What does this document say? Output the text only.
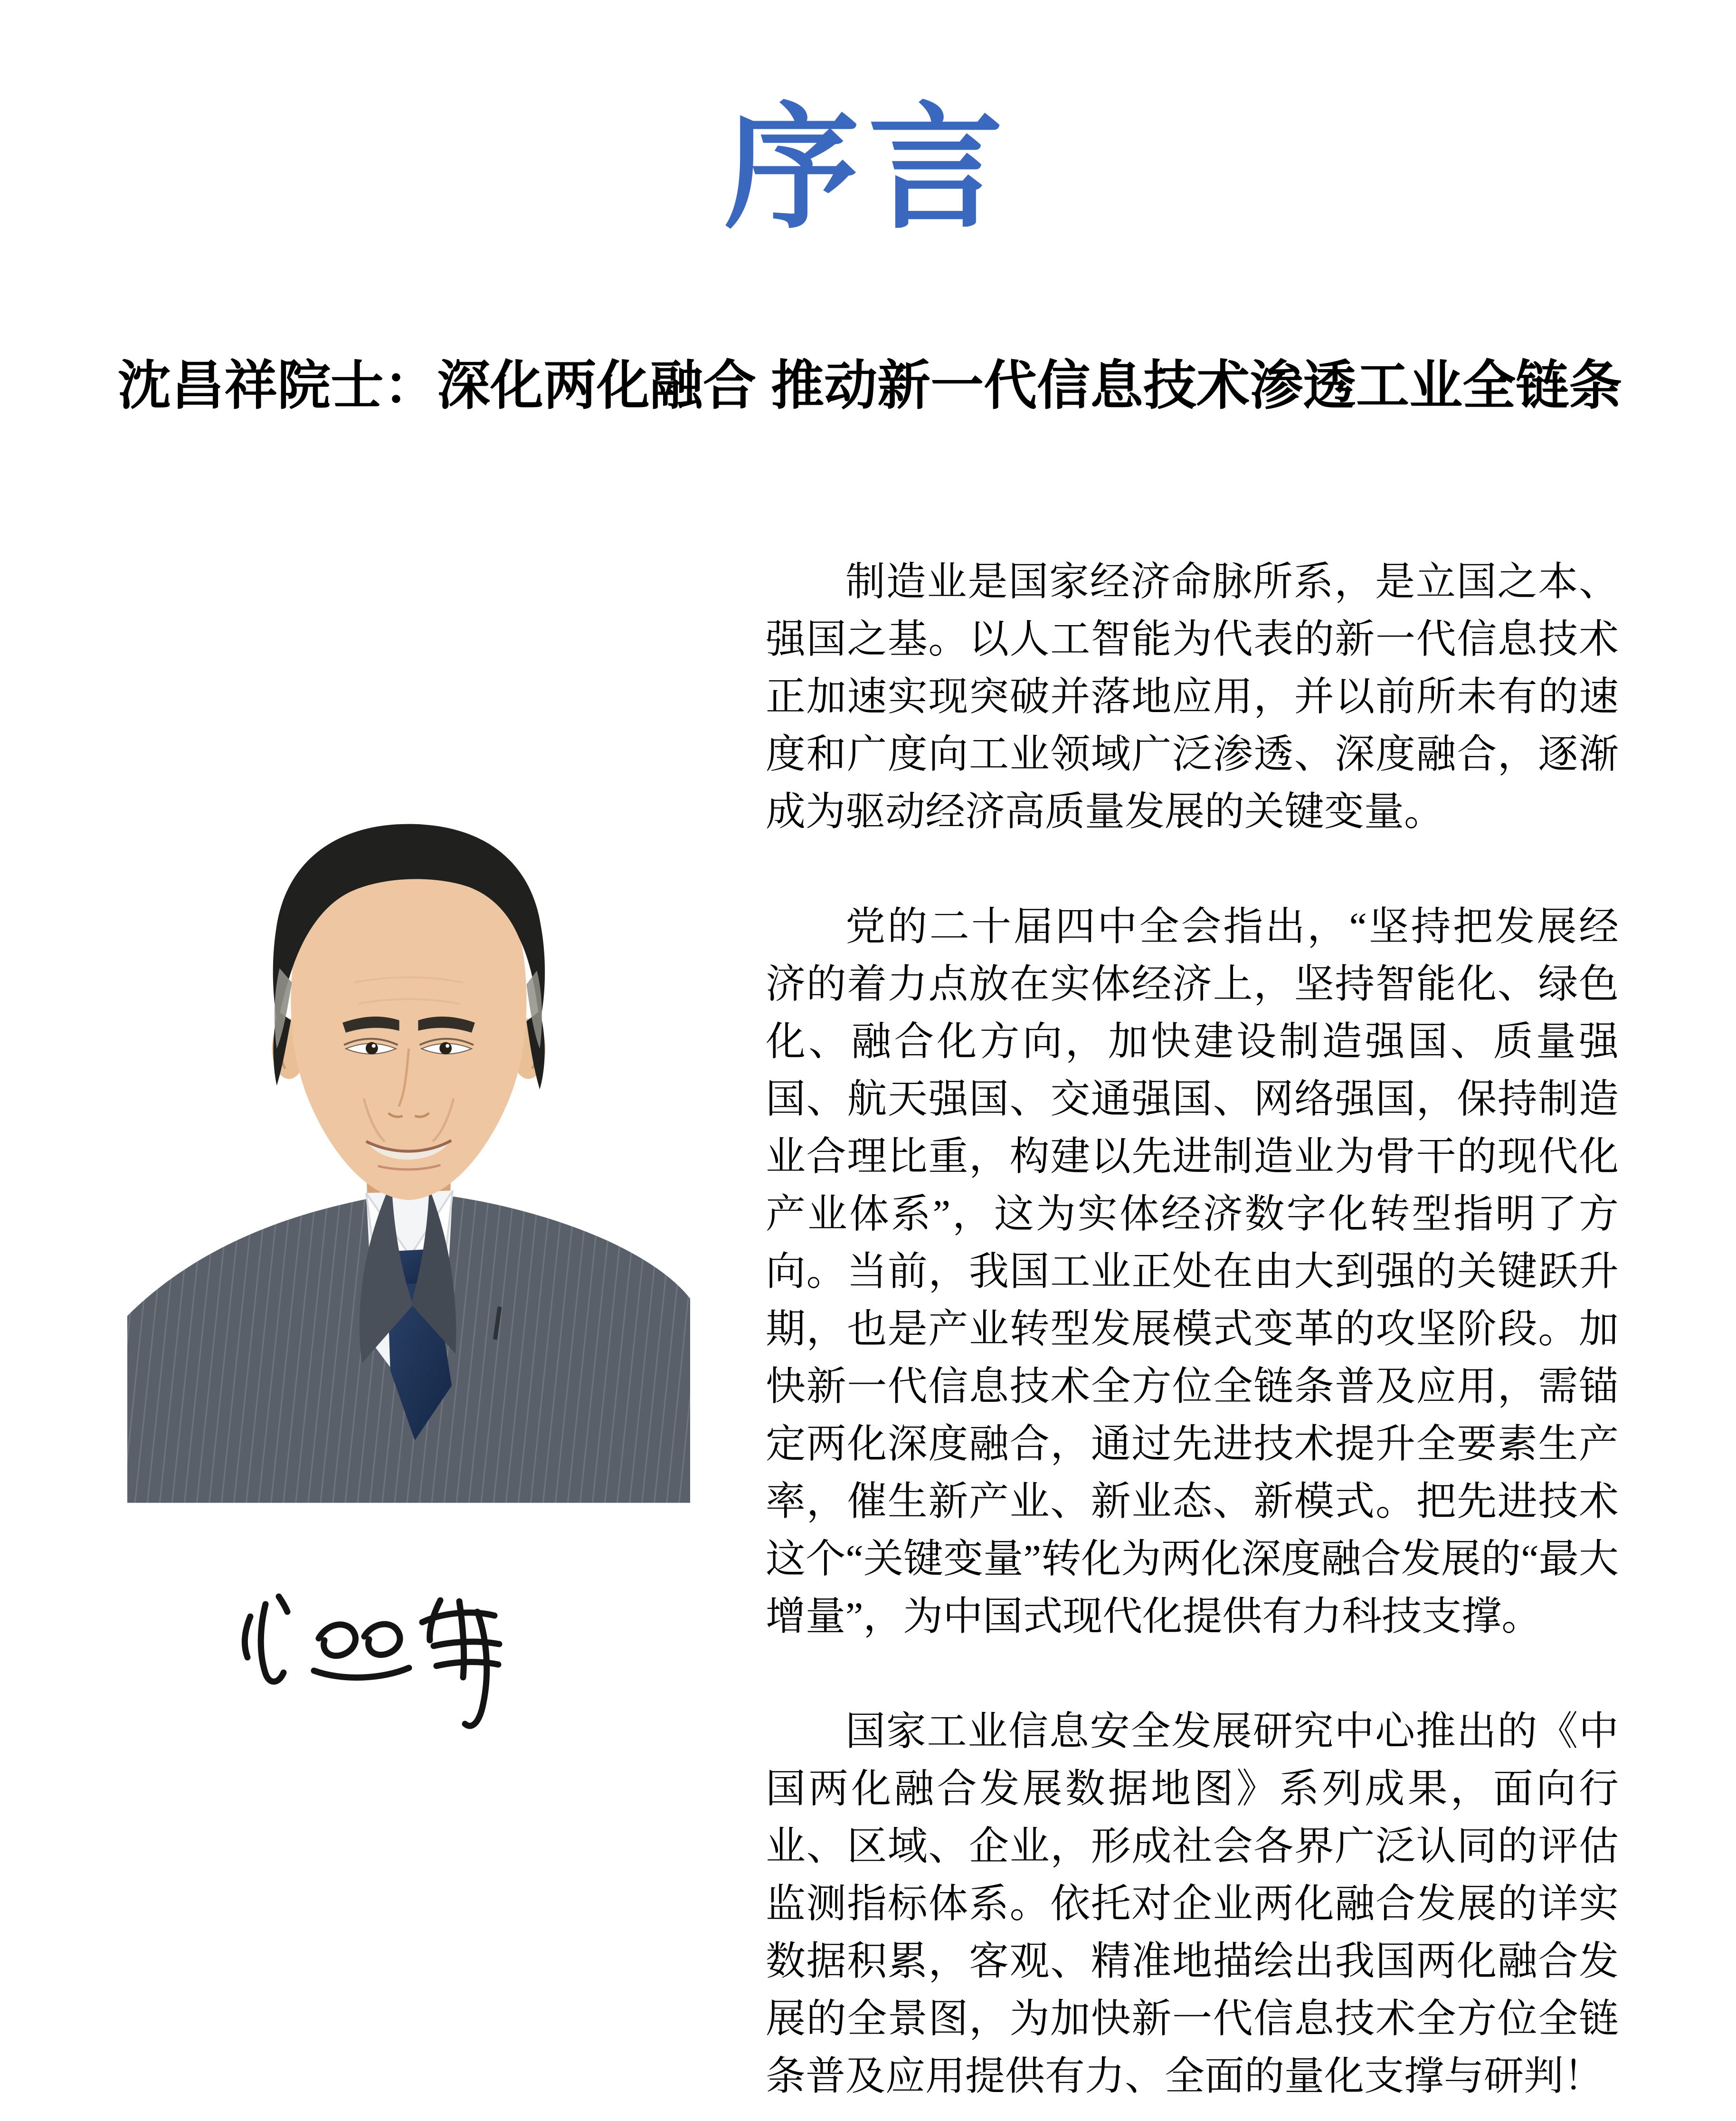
序言
沈昌祥院士：深化两化融合 推动新一代信息技术渗透工业全链条

制造业是国家经济命脉所系，是立国之本、强国之基。以人工智能为代表的新一代信息技术正加速实现突破并落地应用，并以前所未有的速度和广度向工业领域广泛渗透、深度融合，逐渐成为驱动经济高质量发展的关键变量。

党的二十届四中全会指出，“坚持把发展经济的着力点放在实体经济上，坚持智能化、绿色化、融合化方向，加快建设制造强国、质量强国、航天强国、交通强国、网络强国，保持制造业合理比重，构建以先进制造业为骨干的现代化产业体系”，这为实体经济数字化转型指明了方向。当前，我国工业正处在由大到强的关键跃升期，也是产业转型发展模式变革的攻坚阶段。加快新一代信息技术全方位全链条普及应用，需锚定两化深度融合，通过先进技术提升全要素生产率，催生新产业、新业态、新模式。把先进技术这个“关键变量”转化为两化深度融合发展的“最大增量”，为中国式现代化提供有力科技支撑。

国家工业信息安全发展研究中心推出的《中国两化融合发展数据地图》系列成果，面向行业、区域、企业，形成社会各界广泛认同的评估监测指标体系。依托对企业两化融合发展的详实数据积累，客观、精准地描绘出我国两化融合发展的全景图，为加快新一代信息技术全方位全链条普及应用提供有力、全面的量化支撑与研判！
